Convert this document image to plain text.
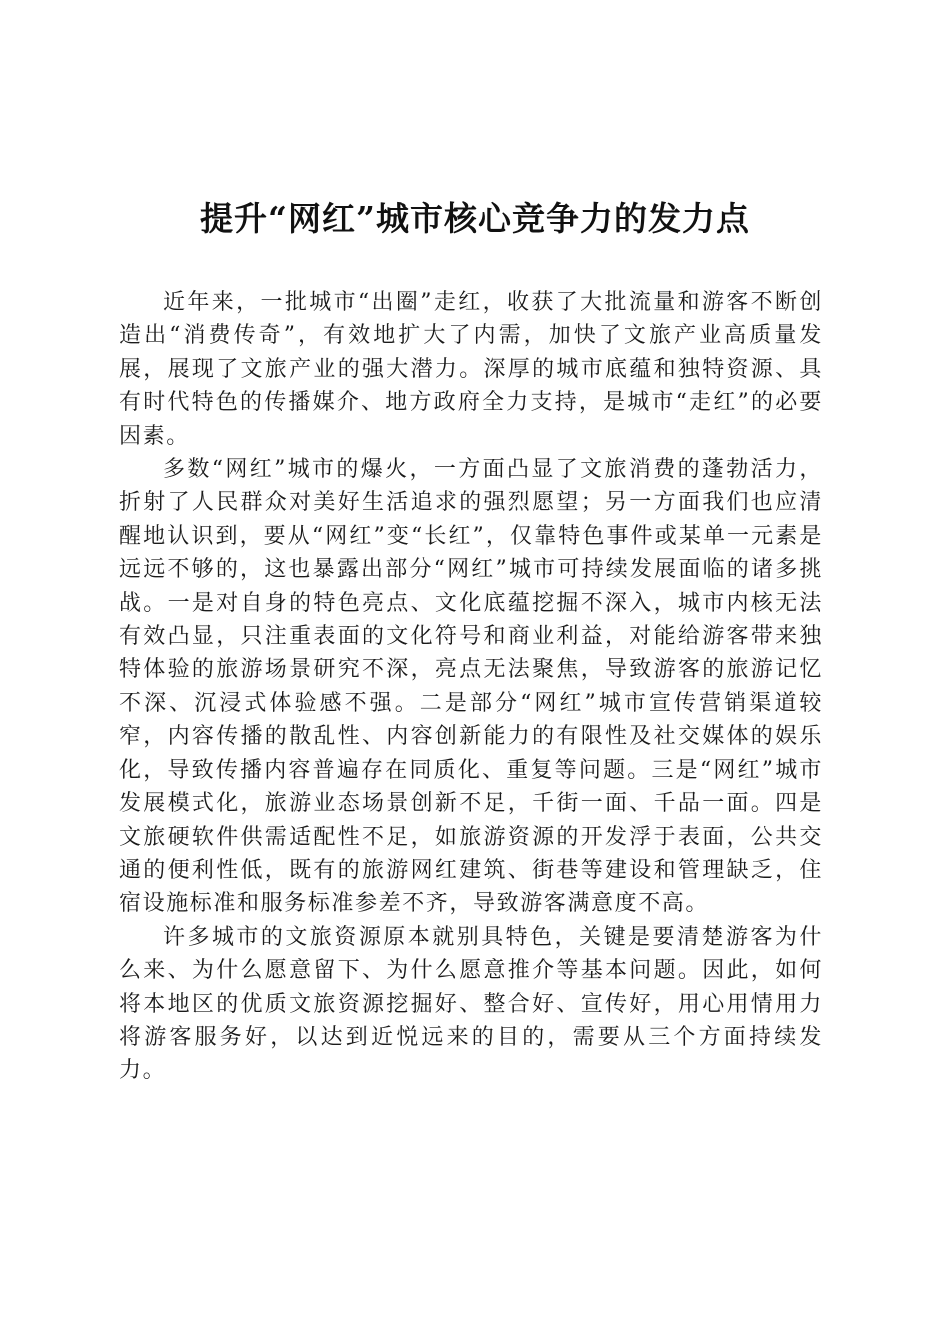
提升“网红”城市核心竞争力的发力点

近年来，一批城市“出圈”走红，收获了大批流量和游客不断创造出“消费传奇”，有效地扩大了内需，加快了文旅产业高质量发展，展现了文旅产业的强大潜力。深厚的城市底蕴和独特资源、具有时代特色的传播媒介、地方政府全力支持，是城市“走红”的必要因素。

多数“网红”城市的爆火，一方面凸显了文旅消费的蓬勃活力，折射了人民群众对美好生活追求的强烈愿望；另一方面我们也应清醒地认识到，要从“网红”变“长红”，仅靠特色事件或某单一元素是远远不够的，这也暴露出部分“网红”城市可持续发展面临的诸多挑战。一是对自身的特色亮点、文化底蕴挖掘不深入，城市内核无法有效凸显，只注重表面的文化符号和商业利益，对能给游客带来独特体验的旅游场景研究不深，亮点无法聚焦，导致游客的旅游记忆不深、沉浸式体验感不强。二是部分“网红”城市宣传营销渠道较窄，内容传播的散乱性、内容创新能力的有限性及社交媒体的娱乐化，导致传播内容普遍存在同质化、重复等问题。三是“网红”城市发展模式化，旅游业态场景创新不足，千街一面、千品一面。四是文旅硬软件供需适配性不足，如旅游资源的开发浮于表面，公共交通的便利性低，既有的旅游网红建筑、街巷等建设和管理缺乏，住宿设施标准和服务标准参差不齐，导致游客满意度不高。

许多城市的文旅资源原本就别具特色，关键是要清楚游客为什么来、为什么愿意留下、为什么愿意推介等基本问题。因此，如何将本地区的优质文旅资源挖掘好、整合好、宣传好，用心用情用力将游客服务好，以达到近悦远来的目的，需要从三个方面持续发力。
